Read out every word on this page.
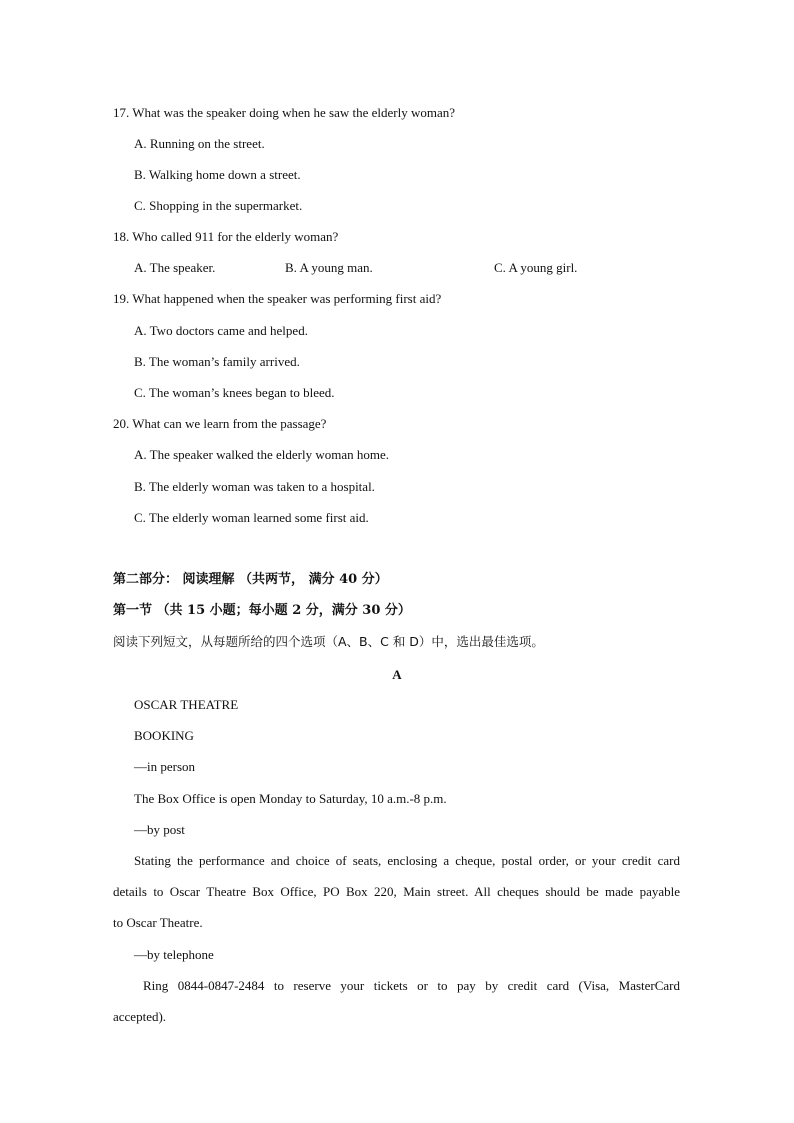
17. What was the speaker doing when he saw the elderly woman?
A. Running on the street.
B. Walking home down a street.
C. Shopping in the supermarket.
18. Who called 911 for the elderly woman?
A. The speaker.	B. A young man.	C. A young girl.
19. What happened when the speaker was performing first aid?
A. Two doctors came and helped.
B. The woman’s family arrived.
C. The woman’s knees began to bleed.
20. What can we learn from the passage?
A. The speaker walked the elderly woman home.
B. The elderly woman was taken to a hospital.
C. The elderly woman learned some first aid.
第二部分： 阅读理解 （共两节， 满分 40 分）
第一节 （共 15 小题；每小题 2 分，满分 30 分）
阅读下列短文，从每题所给的四个选项（A、B、C 和 D）中，选出最佳选项。
A
OSCAR THEATRE
BOOKING
—in person
The Box Office is open Monday to Saturday, 10 a.m.-8 p.m.
—by post
Stating the performance and choice of seats, enclosing a cheque, postal order, or your credit card
details to Oscar Theatre Box Office, PO Box 220, Main street. All cheques should be made payable
to Oscar Theatre.
—by telephone
Ring 0844-0847-2484 to reserve your tickets or to pay by credit card (Visa, MasterCard
accepted).
